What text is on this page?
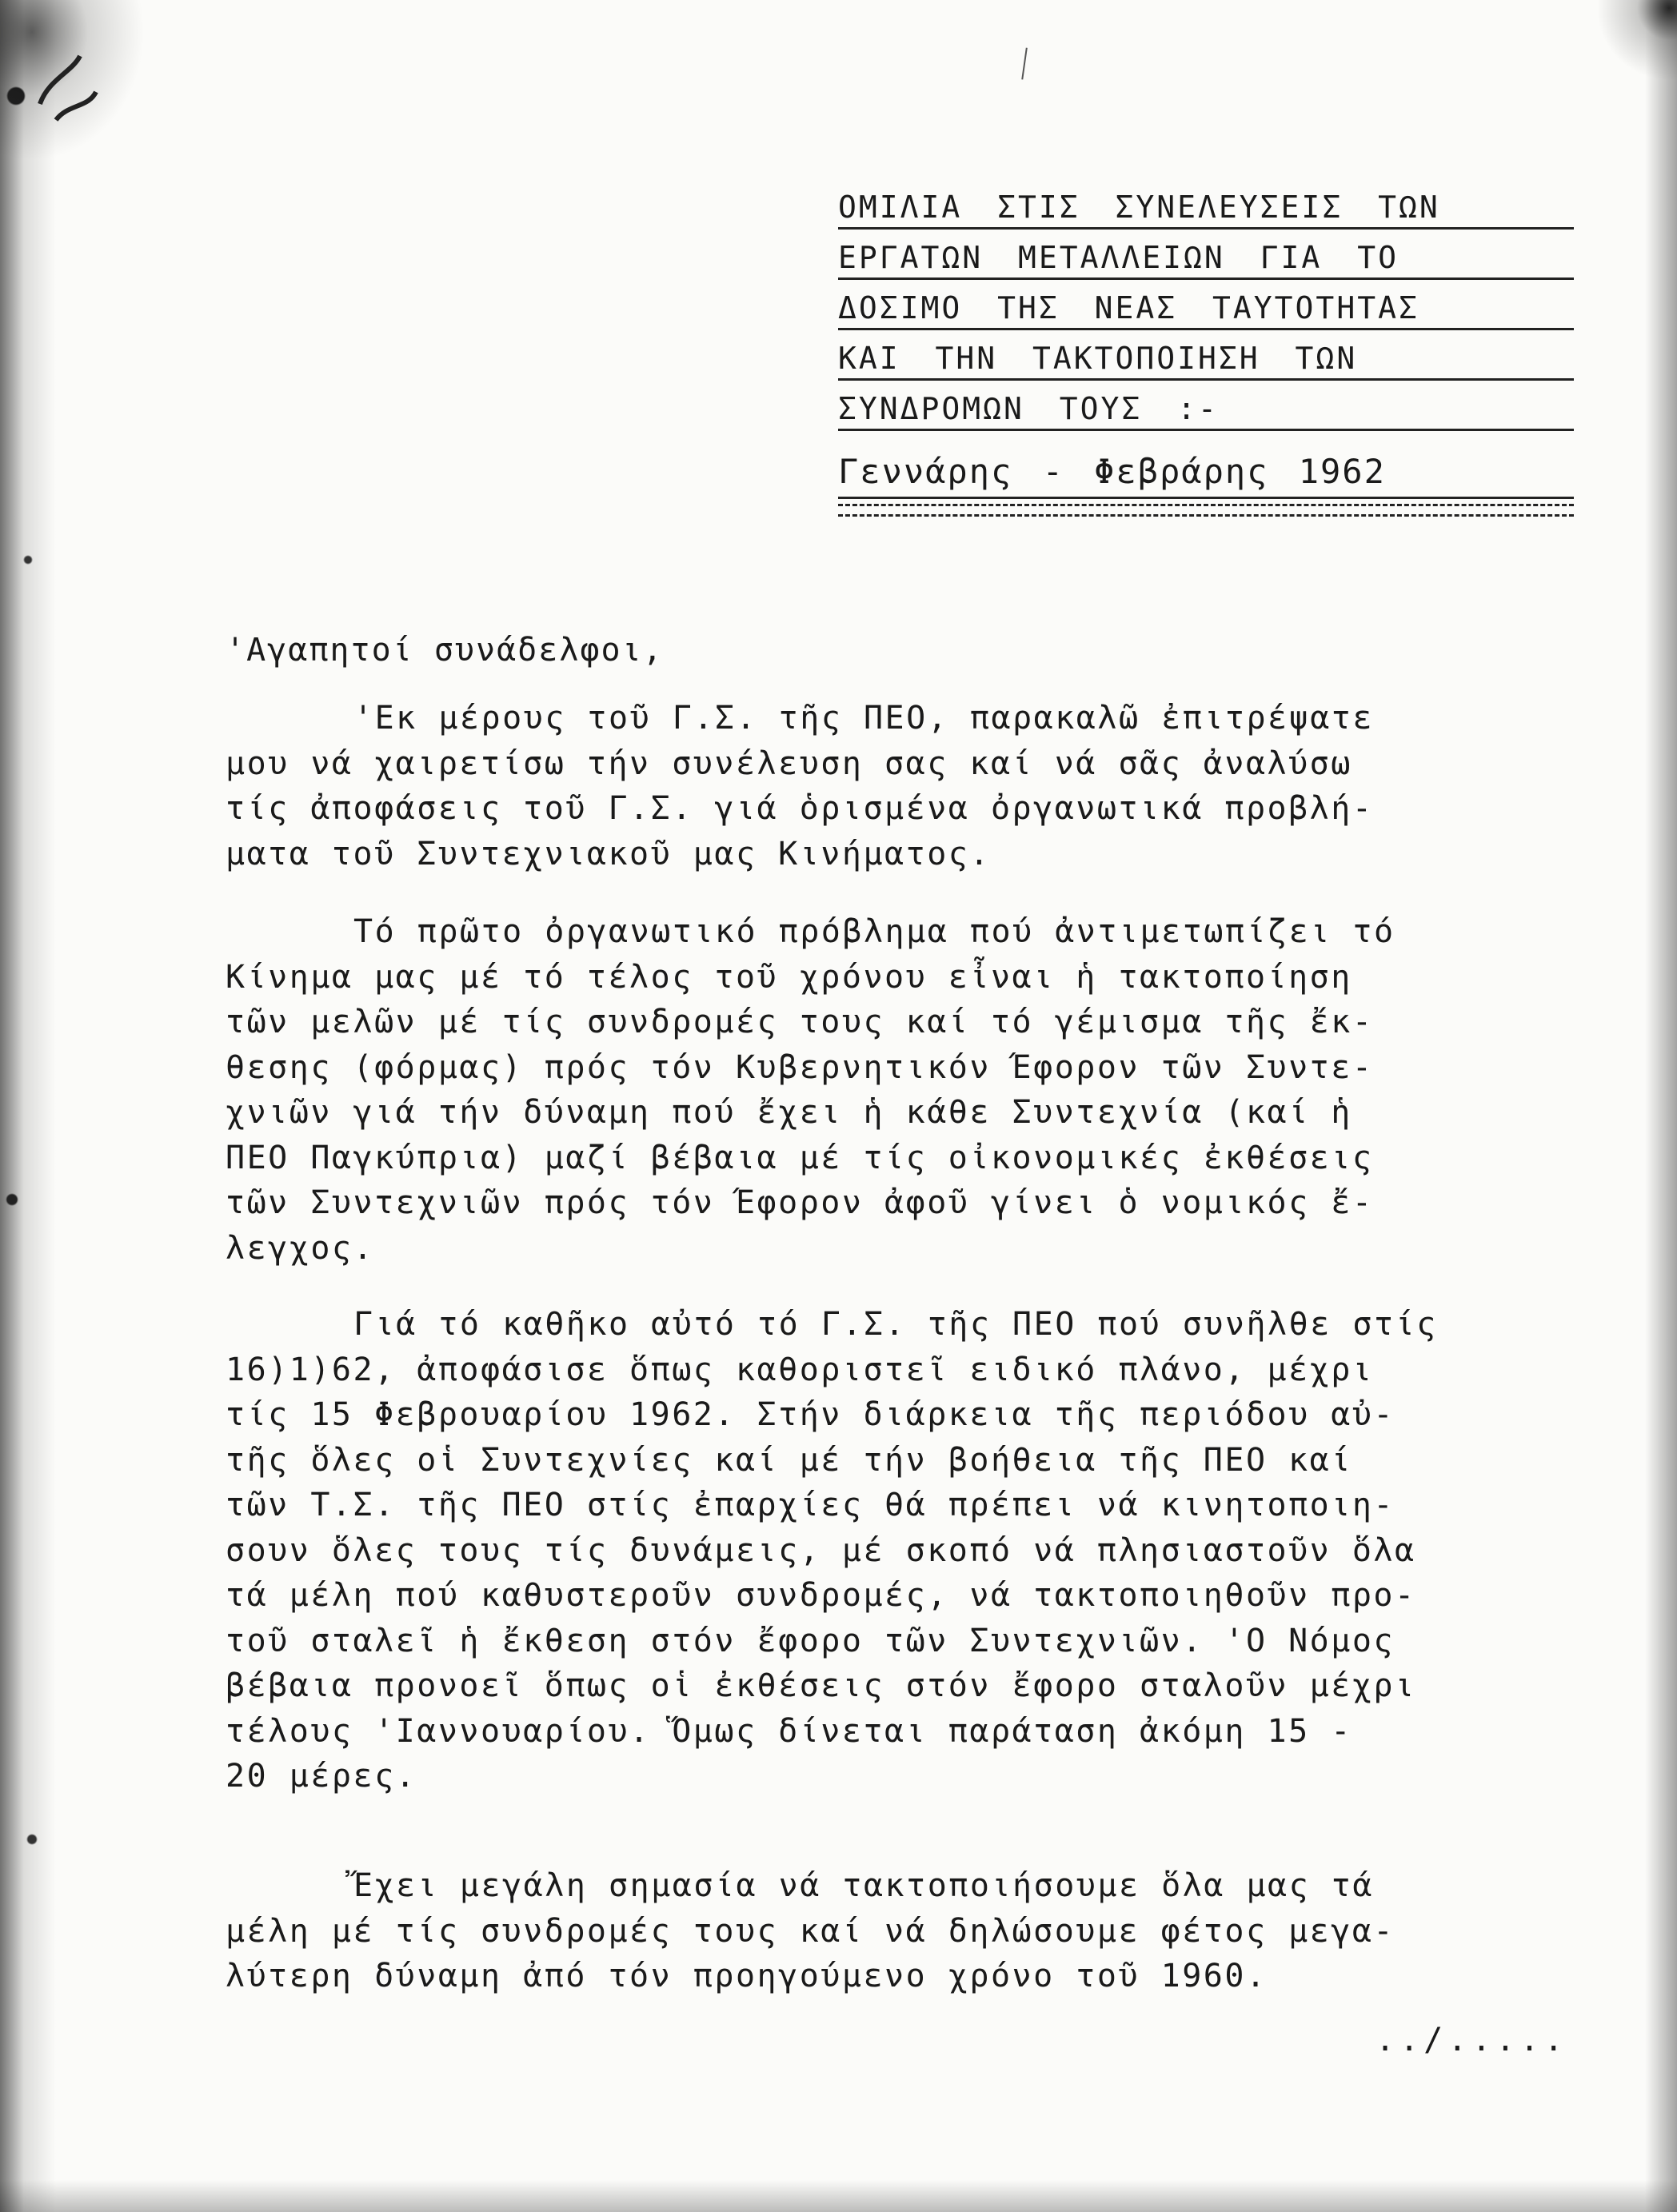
ΟΜΙΛΙΑ ΣΤΙΣ ΣΥΝΕΛΕΥΣΕΙΣ ΤΩΝ
ΕΡΓΑΤΩΝ ΜΕΤΑΛΛΕΙΩΝ ΓΙΑ ΤΟ
ΔΟΣΙΜΟ ΤΗΣ ΝΕΑΣ ΤΑΥΤΟΤΗΤΑΣ
ΚΑΙ ΤΗΝ ΤΑΚΤΟΠΟΙΗΣΗ ΤΩΝ
ΣΥΝΔΡΟΜΩΝ ΤΟΥΣ :-
Γεννάρης - Φεβράρης 1962
'Αγαπητοί συνάδελφοι,

'Εκ μέρους τοῦ Γ.Σ. τῆς ΠΕΟ, παρακαλῶ ἐπιτρέψατε
μου νά χαιρετίσω τήν συνέλευση σας καί νά σᾶς ἀναλύσω
τίς ἀποφάσεις τοῦ Γ.Σ. γιά ὁρισμένα ὀργανωτικά προβλή-
ματα τοῦ Συντεχνιακοῦ μας Κινήματος.

Τό πρῶτο ὀργανωτικό πρόβλημα πού ἀντιμετωπίζει τό
Κίνημα μας μέ τό τέλος τοῦ χρόνου εἶναι ἡ τακτοποίηση
τῶν μελῶν μέ τίς συνδρομές τους καί τό γέμισμα τῆς ἔκ-
θεσης (φόρμας) πρός τόν Κυβερνητικόν Έφορον τῶν Συντε-
χνιῶν γιά τήν δύναμη πού ἔχει ἡ κάθε Συντεχνία (καί ἡ
ΠΕΟ Παγκύπρια) μαζί βέβαια μέ τίς οἰκονομικές ἐκθέσεις
τῶν Συντεχνιῶν πρός τόν Έφορον ἀφοῦ γίνει ὁ νομικός ἔ-
λεγχος.

Γιά τό καθῆκο αὐτό τό Γ.Σ. τῆς ΠΕΟ πού συνῆλθε στίς
16)1)62, ἀποφάσισε ὅπως καθοριστεῖ ειδικό πλάνο, μέχρι
τίς 15 Φεβρουαρίου 1962. Στήν διάρκεια τῆς περιόδου αὐ-
τῆς ὅλες οἱ Συντεχνίες καί μέ τήν βοήθεια τῆς ΠΕΟ καί
τῶν Τ.Σ. τῆς ΠΕΟ στίς ἐπαρχίες θά πρέπει νά κινητοποιη-
σουν ὅλες τους τίς δυνάμεις, μέ σκοπό νά πλησιαστοῦν ὅλα
τά μέλη πού καθυστεροῦν συνδρομές, νά τακτοποιηθοῦν προ-
τοῦ σταλεῖ ἡ ἔκθεση στόν ἔφορο τῶν Συντεχνιῶν. 'Ο Νόμος
βέβαια προνοεῖ ὅπως οἱ ἐκθέσεις στόν ἔφορο σταλοῦν μέχρι
τέλους 'Ιαννουαρίου. Ὅμως δίνεται παράταση ἀκόμη 15 -
20 μέρες.

Ἔχει μεγάλη σημασία νά τακτοποιήσουμε ὅλα μας τά
μέλη μέ τίς συνδρομές τους καί νά δηλώσουμε φέτος μεγα-
λύτερη δύναμη ἀπό τόν προηγούμενο χρόνο τοῦ 1960.

../.....
